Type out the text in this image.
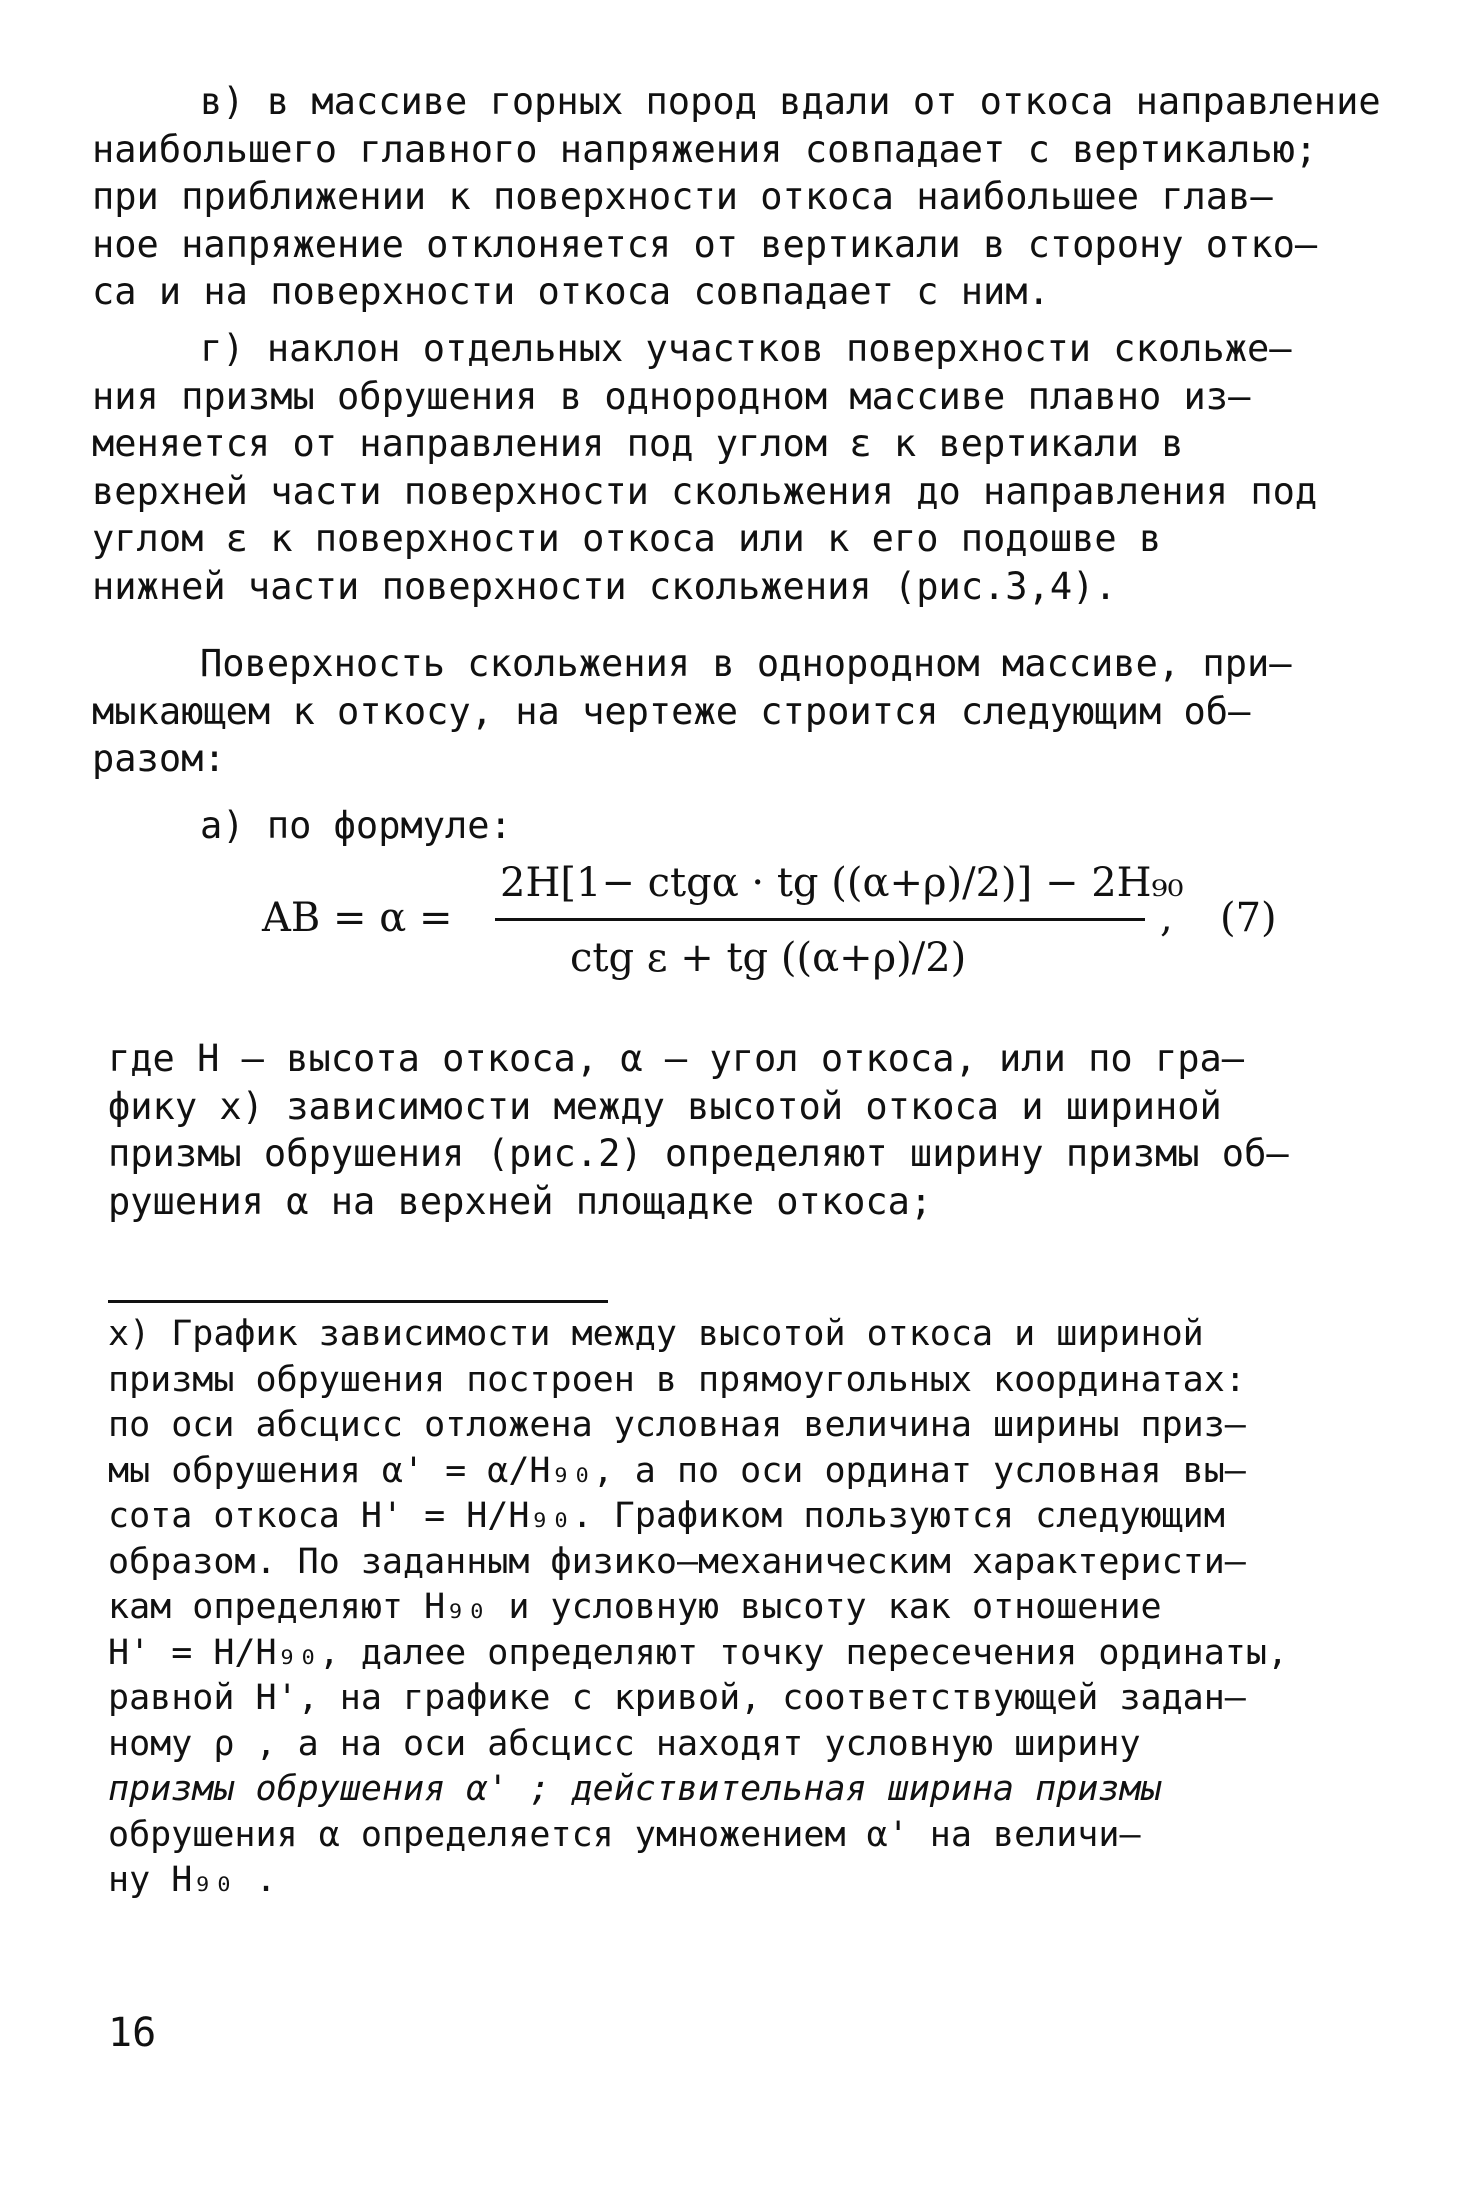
в) в массиве горных пород вдали от откоса направление
наибольшего главного напряжения совпадает с вертикалью;
при приближении к поверхности откоса наибольшее глав–
ное напряжение отклоняется от вертикали в сторону отко–
са и на поверхности откоса совпадает с ним.
г) наклон отдельных участков поверхности скольже–
ния призмы обрушения в однородном массиве плавно из–
меняется от направления под углом ε к вертикали в
верхней части поверхности скольжения до направления под
углом ε к поверхности откоса или к его подошве в
нижней части поверхности скольжения (рис.3,4).
Поверхность скольжения в однородном массиве, при–
мыкающем к откосу, на чертеже строится следующим об–
разом:
а) по формуле:
AB = α =
2H[1− ctgα · tg ((α+ρ)/2)] − 2H₉₀
ctg ε + tg ((α+ρ)/2)
, (7)
где H – высота откоса, α – угол откоса, или по гра–
фику x) зависимости между высотой откоса и шириной
призмы обрушения (рис.2) определяют ширину призмы об–
рушения α на верхней площадке откоса;
x) График зависимости между высотой откоса и шириной
призмы обрушения построен в прямоугольных координатах:
по оси абсцисс отложена условная величина ширины приз–
мы обрушения α' = α/H₉₀, а по оси ординат условная вы–
сота откоса H' = H/H₉₀. Графиком пользуются следующим
образом. По заданным физико–механическим характеристи–
кам определяют H₉₀ и условную высоту как отношение
H' = H/H₉₀, далее определяют точку пересечения ординаты,
равной H', на графике с кривой, соответствующей задан–
ному ρ , а на оси абсцисс находят условную ширину
призмы обрушения α' ; действительная ширина призмы
обрушения α определяется умножением α' на величи–
ну H₉₀ .
16
